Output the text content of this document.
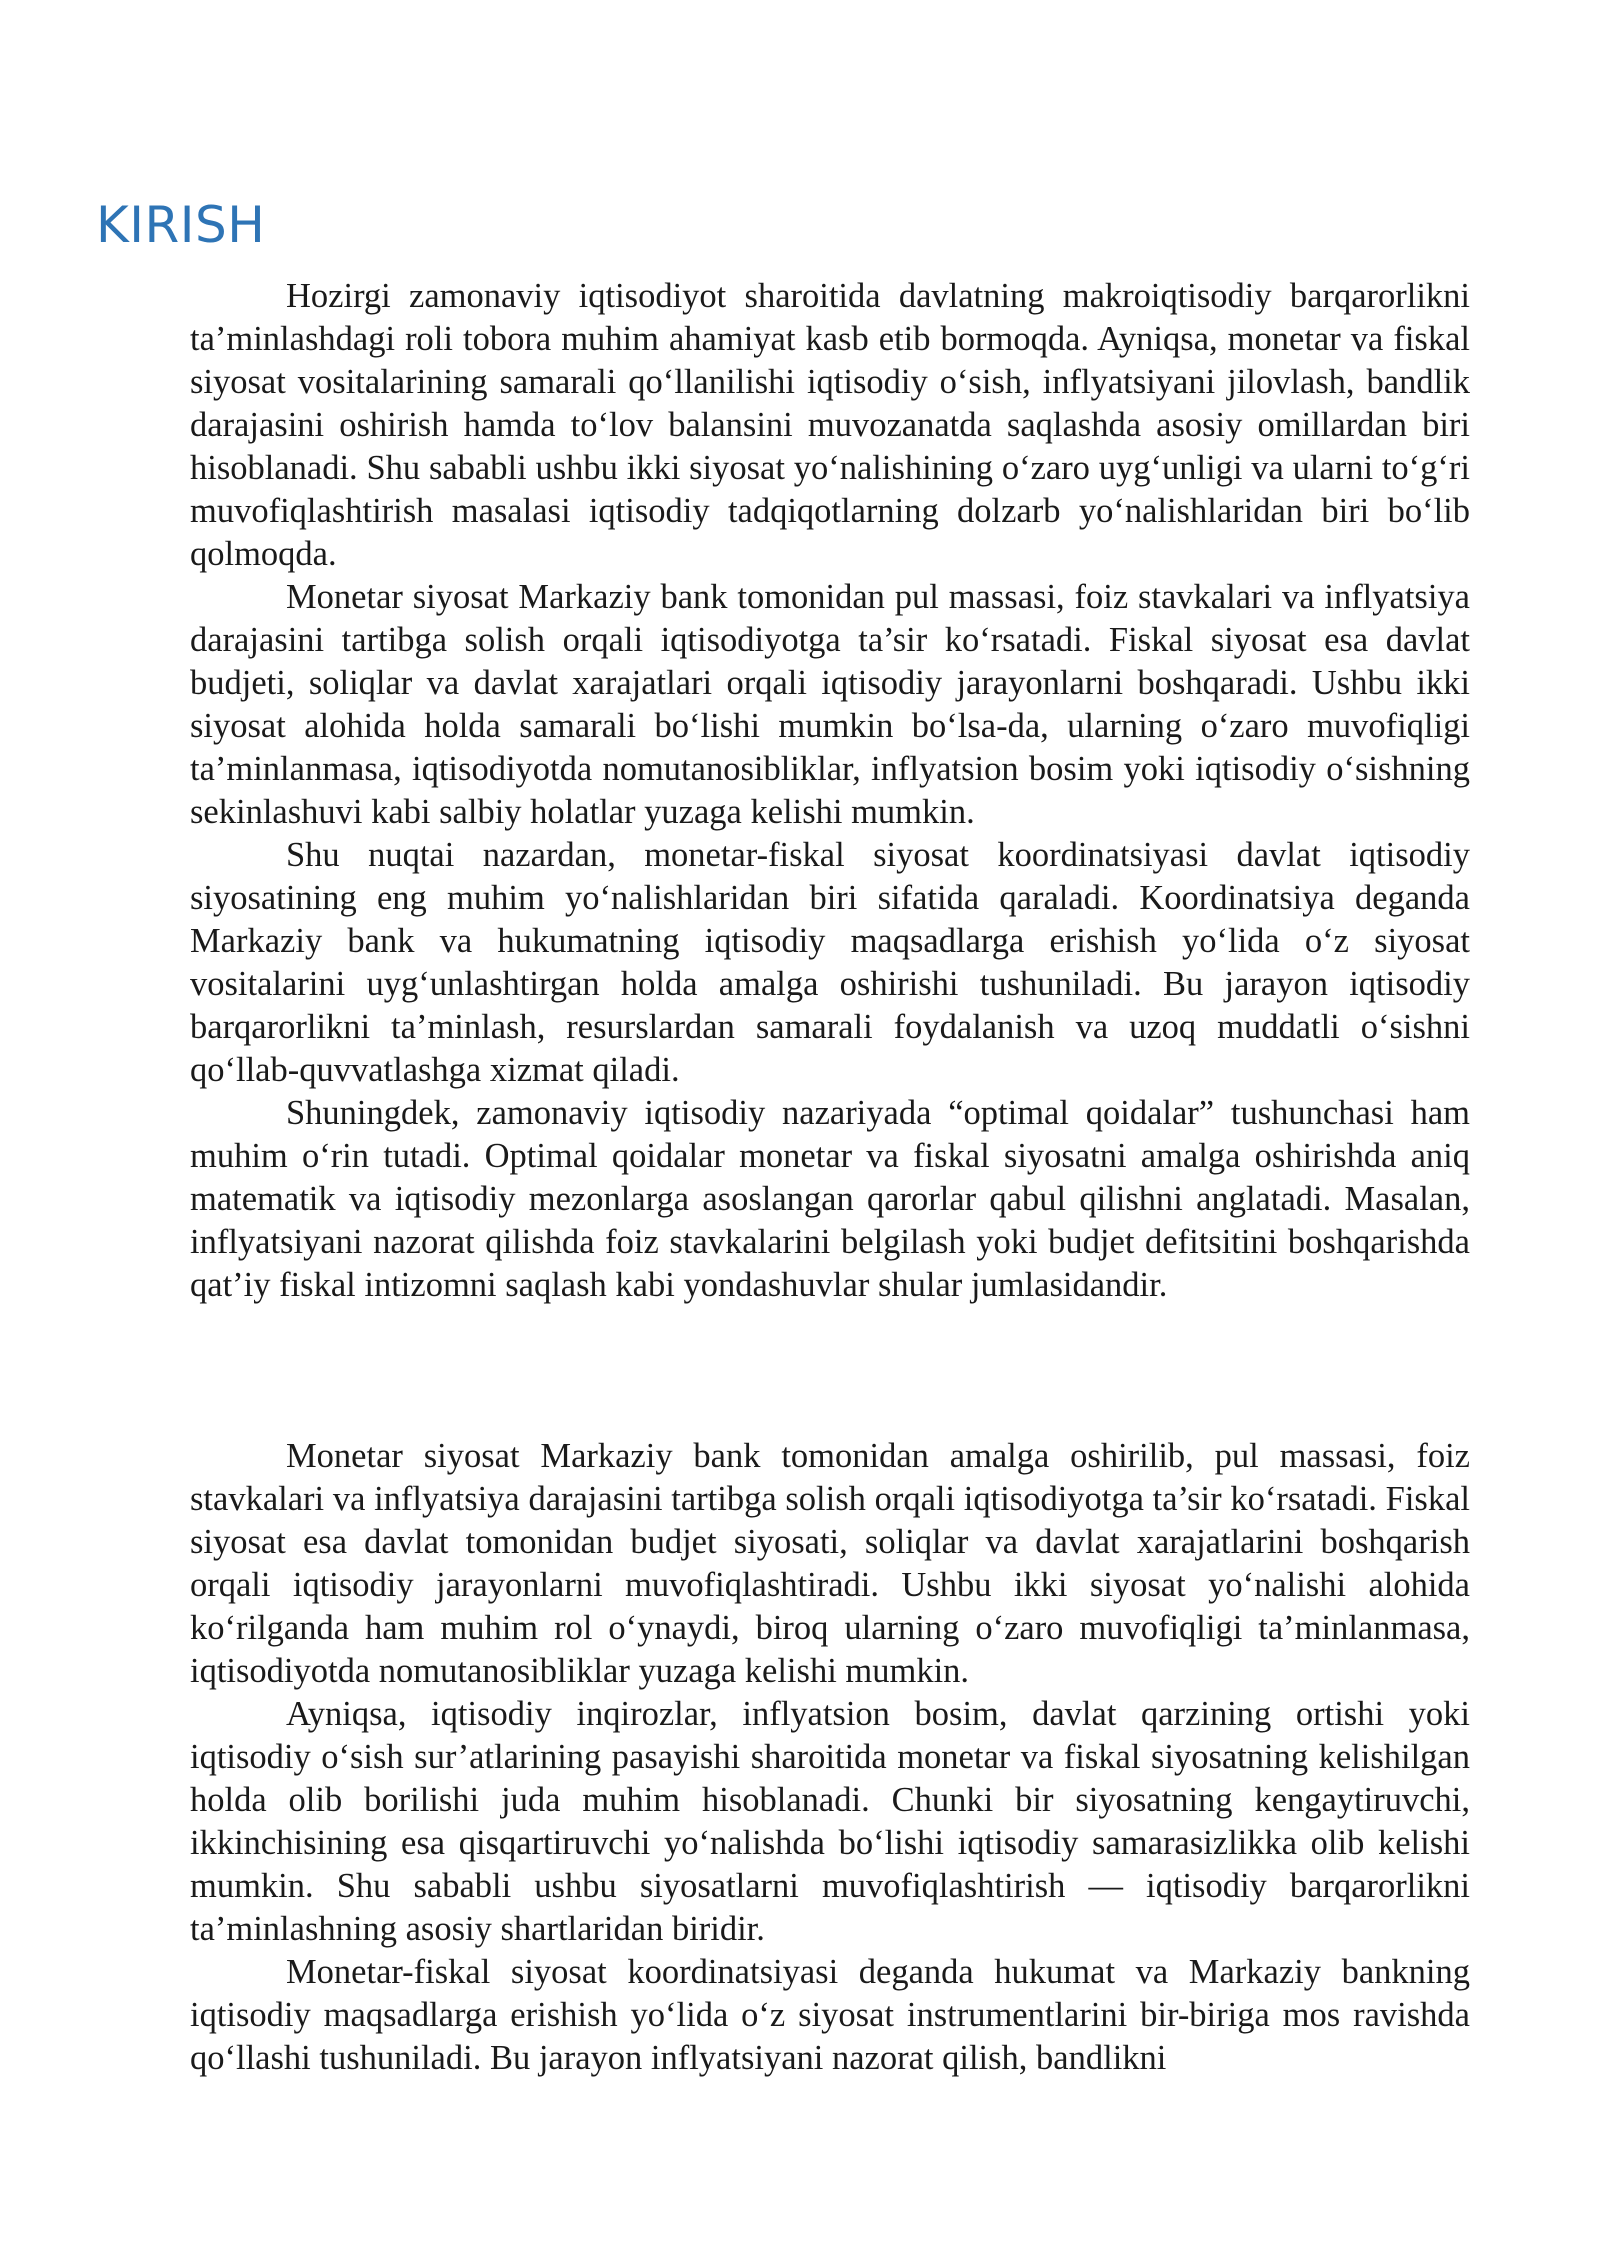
KIRISH

Hozirgi zamonaviy iqtisodiyot sharoitida davlatning makroiqtisodiy barqarorlikni ta’minlashdagi roli tobora muhim ahamiyat kasb etib bormoqda. Ayniqsa, monetar va fiskal siyosat vositalarining samarali qo‘llanilishi iqtisodiy o‘sish, inflyatsiyani jilovlash, bandlik darajasini oshirish hamda to‘lov balansini muvozanatda saqlashda asosiy omillardan biri hisoblanadi. Shu sababli ushbu ikki siyosat yo‘nalishining o‘zaro uyg‘unligi va ularni to‘g‘ri muvofiqlashtirish masalasi iqtisodiy tadqiqotlarning dolzarb yo‘nalishlaridan biri bo‘lib qolmoqda.

Monetar siyosat Markaziy bank tomonidan pul massasi, foiz stavkalari va inflyatsiya darajasini tartibga solish orqali iqtisodiyotga ta’sir ko‘rsatadi. Fiskal siyosat esa davlat budjeti, soliqlar va davlat xarajatlari orqali iqtisodiy jarayonlarni boshqaradi. Ushbu ikki siyosat alohida holda samarali bo‘lishi mumkin bo‘lsa-da, ularning o‘zaro muvofiqligi ta’minlanmasa, iqtisodiyotda nomutanosibliklar, inflyatsion bosim yoki iqtisodiy o‘sishning sekinlashuvi kabi salbiy holatlar yuzaga kelishi mumkin.

Shu nuqtai nazardan, monetar-fiskal siyosat koordinatsiyasi davlat iqtisodiy siyosatining eng muhim yo‘nalishlaridan biri sifatida qaraladi. Koordinatsiya deganda Markaziy bank va hukumatning iqtisodiy maqsadlarga erishish yo‘lida o‘z siyosat vositalarini uyg‘unlashtirgan holda amalga oshirishi tushuniladi. Bu jarayon iqtisodiy barqarorlikni ta’minlash, resurslardan samarali foydalanish va uzoq muddatli o‘sishni qo‘llab-quvvatlashga xizmat qiladi.

Shuningdek, zamonaviy iqtisodiy nazariyada “optimal qoidalar” tushunchasi ham muhim o‘rin tutadi. Optimal qoidalar monetar va fiskal siyosatni amalga oshirishda aniq matematik va iqtisodiy mezonlarga asoslangan qarorlar qabul qilishni anglatadi. Masalan, inflyatsiyani nazorat qilishda foiz stavkalarini belgilash yoki budjet defitsitini boshqarishda qat’iy fiskal intizomni saqlash kabi yondashuvlar shular jumlasidandir.

Monetar siyosat Markaziy bank tomonidan amalga oshirilib, pul massasi, foiz stavkalari va inflyatsiya darajasini tartibga solish orqali iqtisodiyotga ta’sir ko‘rsatadi. Fiskal siyosat esa davlat tomonidan budjet siyosati, soliqlar va davlat xarajatlarini boshqarish orqali iqtisodiy jarayonlarni muvofiqlashtiradi. Ushbu ikki siyosat yo‘nalishi alohida ko‘rilganda ham muhim rol o‘ynaydi, biroq ularning o‘zaro muvofiqligi ta’minlanmasa, iqtisodiyotda nomutanosibliklar yuzaga kelishi mumkin.

Ayniqsa, iqtisodiy inqirozlar, inflyatsion bosim, davlat qarzining ortishi yoki iqtisodiy o‘sish sur’atlarining pasayishi sharoitida monetar va fiskal siyosatning kelishilgan holda olib borilishi juda muhim hisoblanadi. Chunki bir siyosatning kengaytiruvchi, ikkinchisining esa qisqartiruvchi yo‘nalishda bo‘lishi iqtisodiy samarasizlikka olib kelishi mumkin. Shu sababli ushbu siyosatlarni muvofiqlashtirish — iqtisodiy barqarorlikni ta’minlashning asosiy shartlaridan biridir.

Monetar-fiskal siyosat koordinatsiyasi deganda hukumat va Markaziy bankning iqtisodiy maqsadlarga erishish yo‘lida o‘z siyosat instrumentlarini bir-biriga mos ravishda qo‘llashi tushuniladi. Bu jarayon inflyatsiyani nazorat qilish, bandlikni
